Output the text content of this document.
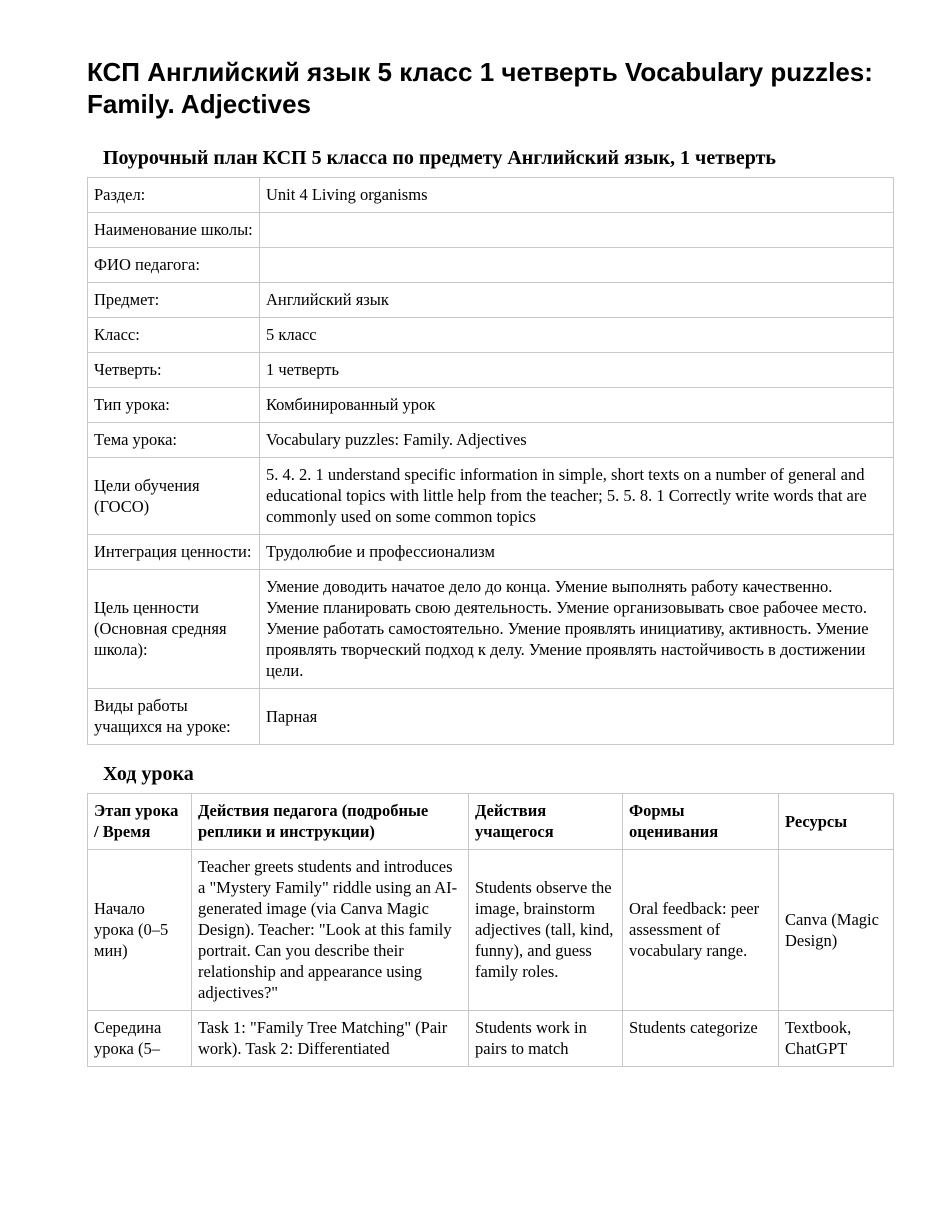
КСП Английский язык 5 класс 1 четверть Vocabulary puzzles: Family. Adjectives
Поурочный план КСП 5 класса по предмету Английский язык, 1 четверть
Раздел:	Unit 4 Living organisms
Наименование школы:	
ФИО педагога:	
Предмет:	Английский язык
Класс:	5 класс
Четверть:	1 четверть
Тип урока:	Комбинированный урок
Тема урока:	Vocabulary puzzles: Family. Adjectives
Цели обучения (ГОСО)	5. 4. 2. 1 understand specific information in simple, short texts on a number of general and educational topics with little help from the teacher; 5. 5. 8. 1 Correctly write words that are commonly used on some common topics
Интеграция ценности:	Трудолюбие и профессионализм
Цель ценности (Основная средняя школа):	Умение доводить начатое дело до конца. Умение выполнять работу качественно. Умение планировать свою деятельность. Умение организовывать свое рабочее место. Умение работать самостоятельно. Умение проявлять инициативу, активность. Умение проявлять творческий подход к делу. Умение проявлять настойчивость в достижении цели.
Виды работы учащихся на уроке:	Парная
Ход урока
Этап урока / Время	Действия педагога (подробные реплики и инструкции)	Действия учащегося	Формы оценивания	Ресурсы
Начало урока (0–5 мин)	Teacher greets students and introduces a "Mystery Family" riddle using an AI-generated image (via Canva Magic Design). Teacher: "Look at this family portrait. Can you describe their relationship and appearance using adjectives?"	Students observe the image, brainstorm adjectives (tall, kind, funny), and guess family roles.	Oral feedback: peer assessment of vocabulary range.	Canva (Magic Design)
Середина урока (5–	Task 1: "Family Tree Matching" (Pair work). Task 2: Differentiated	Students work in pairs to match	Students categorize	Textbook, ChatGPT
